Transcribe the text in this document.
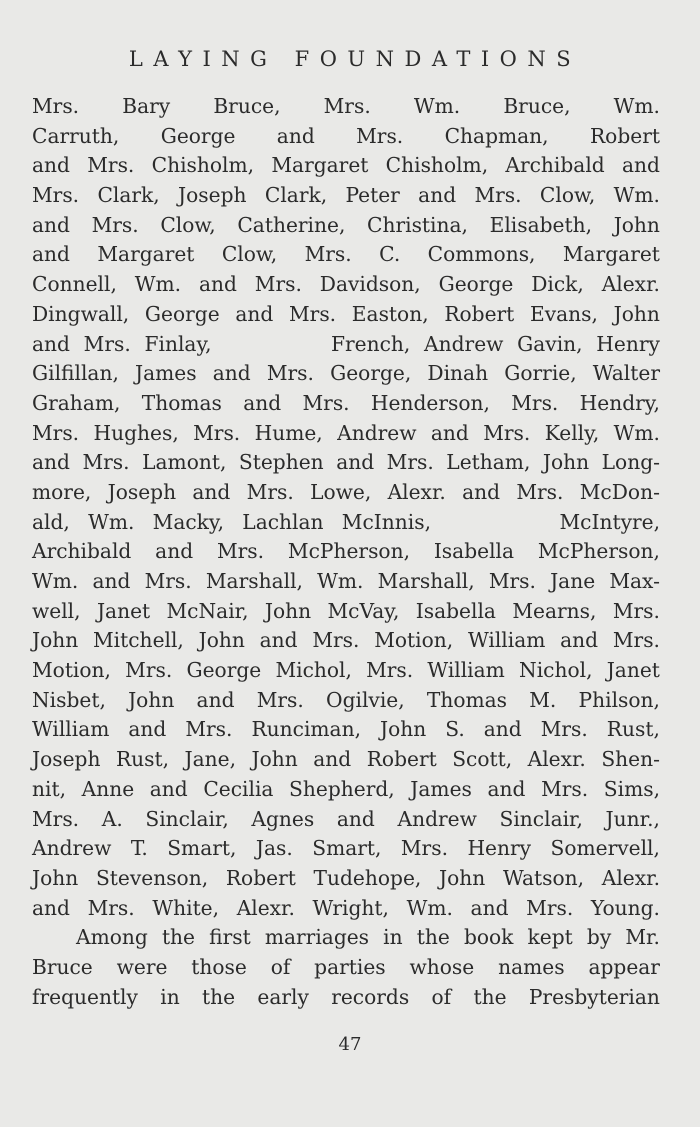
LAYING FOUNDATIONS
Mrs. Bary Bruce, Mrs. Wm. Bruce, Wm.
Carruth, George and Mrs. Chapman, Robert
and Mrs. Chisholm, Margaret Chisholm, Archibald and
Mrs. Clark, Joseph Clark, Peter and Mrs. Clow, Wm.
and Mrs. Clow, Catherine, Christina, Elisabeth, John
and Margaret Clow, Mrs. C. Commons, Margaret
Connell, Wm. and Mrs. Davidson, George Dick, Alexr.
Dingwall, George and Mrs. Easton, Robert Evans, John
and Mrs. Finlay,	French, Andrew Gavin, Henry
Gilfillan, James and Mrs. George, Dinah Gorrie, Walter
Graham, Thomas and Mrs. Henderson, Mrs. Hendry,
Mrs. Hughes, Mrs. Hume, Andrew and Mrs. Kelly, Wm.
and Mrs. Lamont, Stephen and Mrs. Letham, John Long-
more, Joseph and Mrs. Lowe, Alexr. and Mrs. McDon-
ald, Wm. Macky, Lachlan McInnis,	McIntyre,
Archibald and Mrs. McPherson, Isabella McPherson,
Wm. and Mrs. Marshall, Wm. Marshall, Mrs. Jane Max-
well, Janet McNair, John McVay, Isabella Mearns, Mrs.
John Mitchell, John and Mrs. Motion, William and Mrs.
Motion, Mrs. George Michol, Mrs. William Nichol, Janet
Nisbet, John and Mrs. Ogilvie, Thomas M. Philson,
William and Mrs. Runciman, John S. and Mrs. Rust,
Joseph Rust, Jane, John and Robert Scott, Alexr. Shen-
nit, Anne and Cecilia Shepherd, James and Mrs. Sims,
Mrs. A. Sinclair, Agnes and Andrew Sinclair, Junr.,
Andrew T. Smart, Jas. Smart, Mrs. Henry Somervell,
John Stevenson, Robert Tudehope, John Watson, Alexr.
and Mrs. White, Alexr. Wright, Wm. and Mrs. Young.
Among the first marriages in the book kept by Mr.
Bruce were those of parties whose names appear
frequently in the early records of the Presbyterian
47
